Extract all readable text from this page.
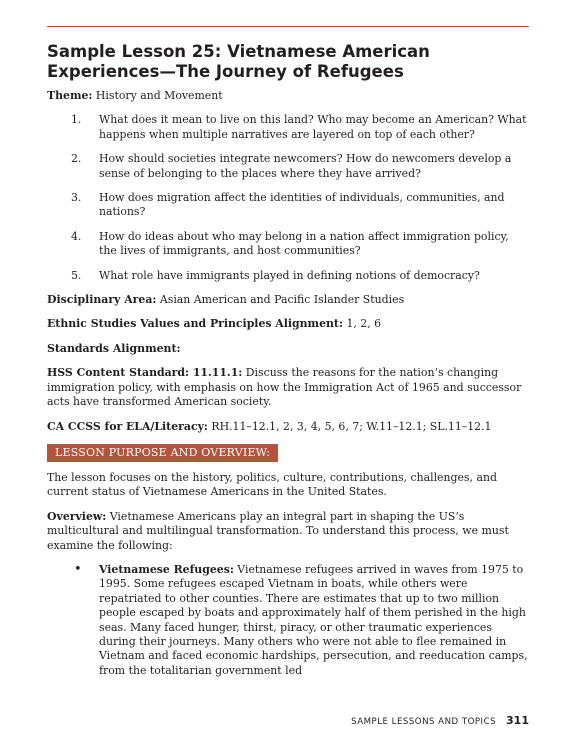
Sample Lesson 25: Vietnamese American Experiences—The Journey of Refugees

Theme: History and Movement

1. What does it mean to live on this land? Who may become an American? What happens when multiple narratives are layered on top of each other?
2. How should societies integrate newcomers? How do newcomers develop a sense of belonging to the places where they have arrived?
3. How does migration affect the identities of individuals, communities, and nations?
4. How do ideas about who may belong in a nation affect immigration policy, the lives of immigrants, and host communities?
5. What role have immigrants played in defining notions of democracy?

Disciplinary Area: Asian American and Pacific Islander Studies

Ethnic Studies Values and Principles Alignment: 1, 2, 6

Standards Alignment:

HSS Content Standard: 11.11.1: Discuss the reasons for the nation’s changing immigration policy, with emphasis on how the Immigration Act of 1965 and successor acts have transformed American society.

CA CCSS for ELA/Literacy: RH.11–12.1, 2, 3, 4, 5, 6, 7; W.11–12.1; SL.11–12.1

LESSON PURPOSE AND OVERVIEW:

The lesson focuses on the history, politics, culture, contributions, challenges, and current status of Vietnamese Americans in the United States.

Overview: Vietnamese Americans play an integral part in shaping the US’s multicultural and multilingual transformation. To understand this process, we must examine the following:

• Vietnamese Refugees: Vietnamese refugees arrived in waves from 1975 to 1995. Some refugees escaped Vietnam in boats, while others were repatriated to other counties. There are estimates that up to two million people escaped by boats and approximately half of them perished in the high seas. Many faced hunger, thirst, piracy, or other traumatic experiences during their journeys. Many others who were not able to flee remained in Vietnam and faced economic hardships, persecution, and reeducation camps, from the totalitarian government led
SAMPLE LESSONS AND TOPICS 311
